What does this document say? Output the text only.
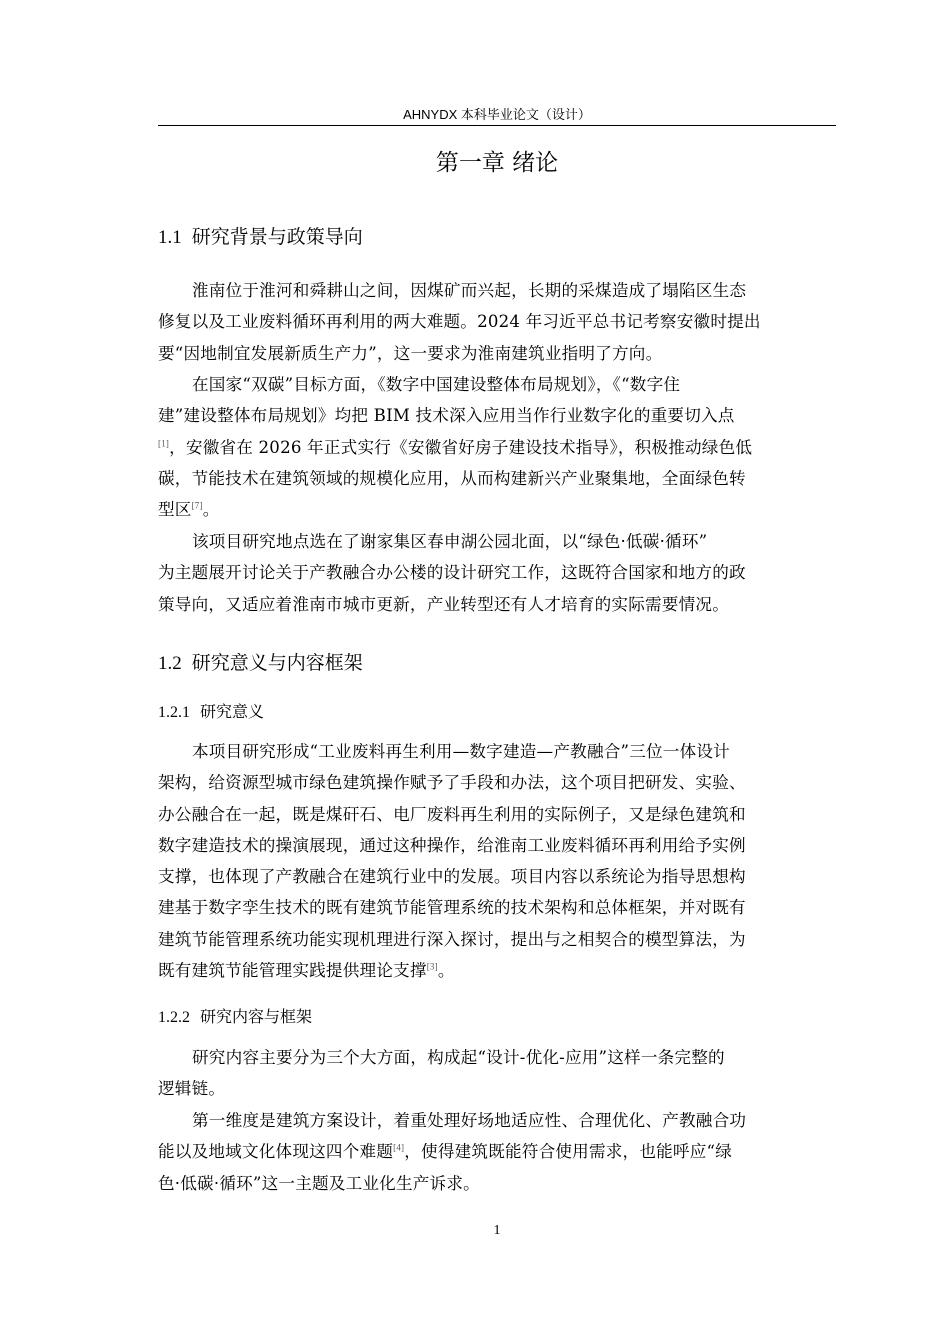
AHNYDX 本科毕业论文（设计）
第一章 绪论
1.1 研究背景与政策导向
淮南位于淮河和舜耕山之间，因煤矿而兴起，长期的采煤造成了塌陷区生态
修复以及工业废料循环再利用的两大难题。2024 年习近平总书记考察安徽时提出
要“因地制宜发展新质生产力”，这一要求为淮南建筑业指明了方向。
在国家“双碳”目标方面，《数字中国建设整体布局规划》，《“数字住
建”建设整体布局规划》均把 BIM 技术深入应用当作行业数字化的重要切入点
[1]，安徽省在 2026 年正式实行《安徽省好房子建设技术指导》，积极推动绿色低
碳，节能技术在建筑领域的规模化应用，从而构建新兴产业聚集地，全面绿色转
型区[7]。
该项目研究地点选在了谢家集区春申湖公园北面，以“绿色·低碳·循环”
为主题展开讨论关于产教融合办公楼的设计研究工作，这既符合国家和地方的政
策导向，又适应着淮南市城市更新，产业转型还有人才培育的实际需要情况。
1.2 研究意义与内容框架
1.2.1 研究意义
本项目研究形成“工业废料再生利用—数字建造—产教融合”三位一体设计
架构，给资源型城市绿色建筑操作赋予了手段和办法，这个项目把研发、实验、
办公融合在一起，既是煤矸石、电厂废料再生利用的实际例子，又是绿色建筑和
数字建造技术的操演展现，通过这种操作，给淮南工业废料循环再利用给予实例
支撑，也体现了产教融合在建筑行业中的发展。项目内容以系统论为指导思想构
建基于数字孪生技术的既有建筑节能管理系统的技术架构和总体框架，并对既有
建筑节能管理系统功能实现机理进行深入探讨，提出与之相契合的模型算法，为
既有建筑节能管理实践提供理论支撑[3]。
1.2.2 研究内容与框架
研究内容主要分为三个大方面，构成起“设计-优化-应用”这样一条完整的
逻辑链。
第一维度是建筑方案设计，着重处理好场地适应性、合理优化、产教融合功
能以及地域文化体现这四个难题[4]，使得建筑既能符合使用需求，也能呼应“绿
色·低碳·循环”这一主题及工业化生产诉求。
1
